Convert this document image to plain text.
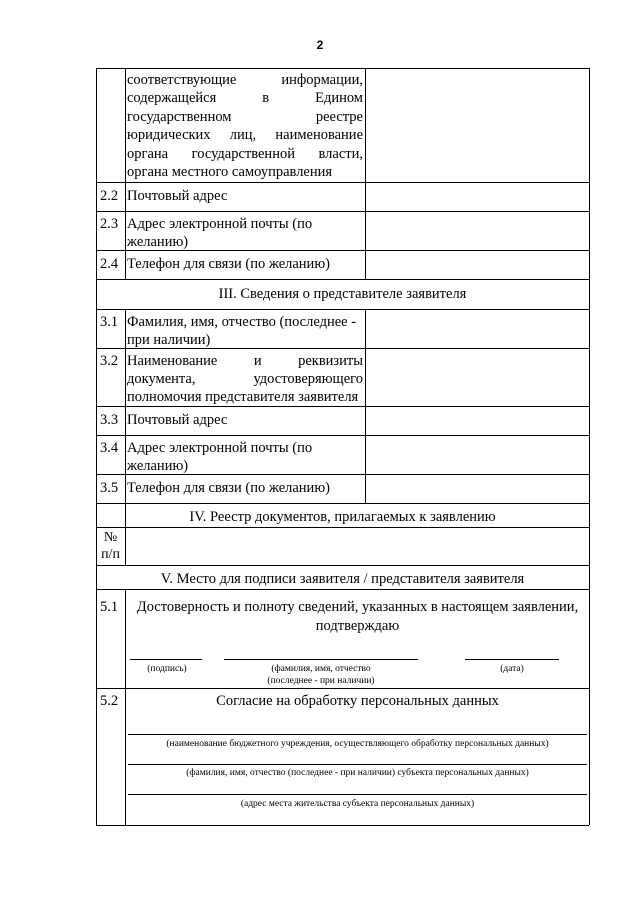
2
соответствующие информации,
содержащейся в Едином
государственном реестре
юридических лиц, наименование
органа государственной власти,
органа местного самоуправления
2.2 Почтовый адрес
2.3 Адрес электронной почты (по
желанию)
2.4 Телефон для связи (по желанию)
III. Сведения о представителе заявителя
3.1 Фамилия, имя, отчество (последнее -
при наличии)
3.2 Наименование и реквизиты
документа, удостоверяющего
полномочия представителя заявителя
3.3 Почтовый адрес
3.4 Адрес электронной почты (по
желанию)
3.5 Телефон для связи (по желанию)
IV. Реестр документов, прилагаемых к заявлению
№
п/п
V. Место для подписи заявителя / представителя заявителя
5.1	Достоверность и полноту сведений, указанных в настоящем заявлении,
подтверждаю
(подпись)	(фамилия, имя, отчество
(последнее - при наличии)
(дата)
5.2	Согласие на обработку персональных данных
(наименование бюджетного учреждения, осуществляющего обработку персональных данных)
(фамилия, имя, отчество (последнее - при наличии) субъекта персональных данных)
(адрес места жительства субъекта персональных данных)
